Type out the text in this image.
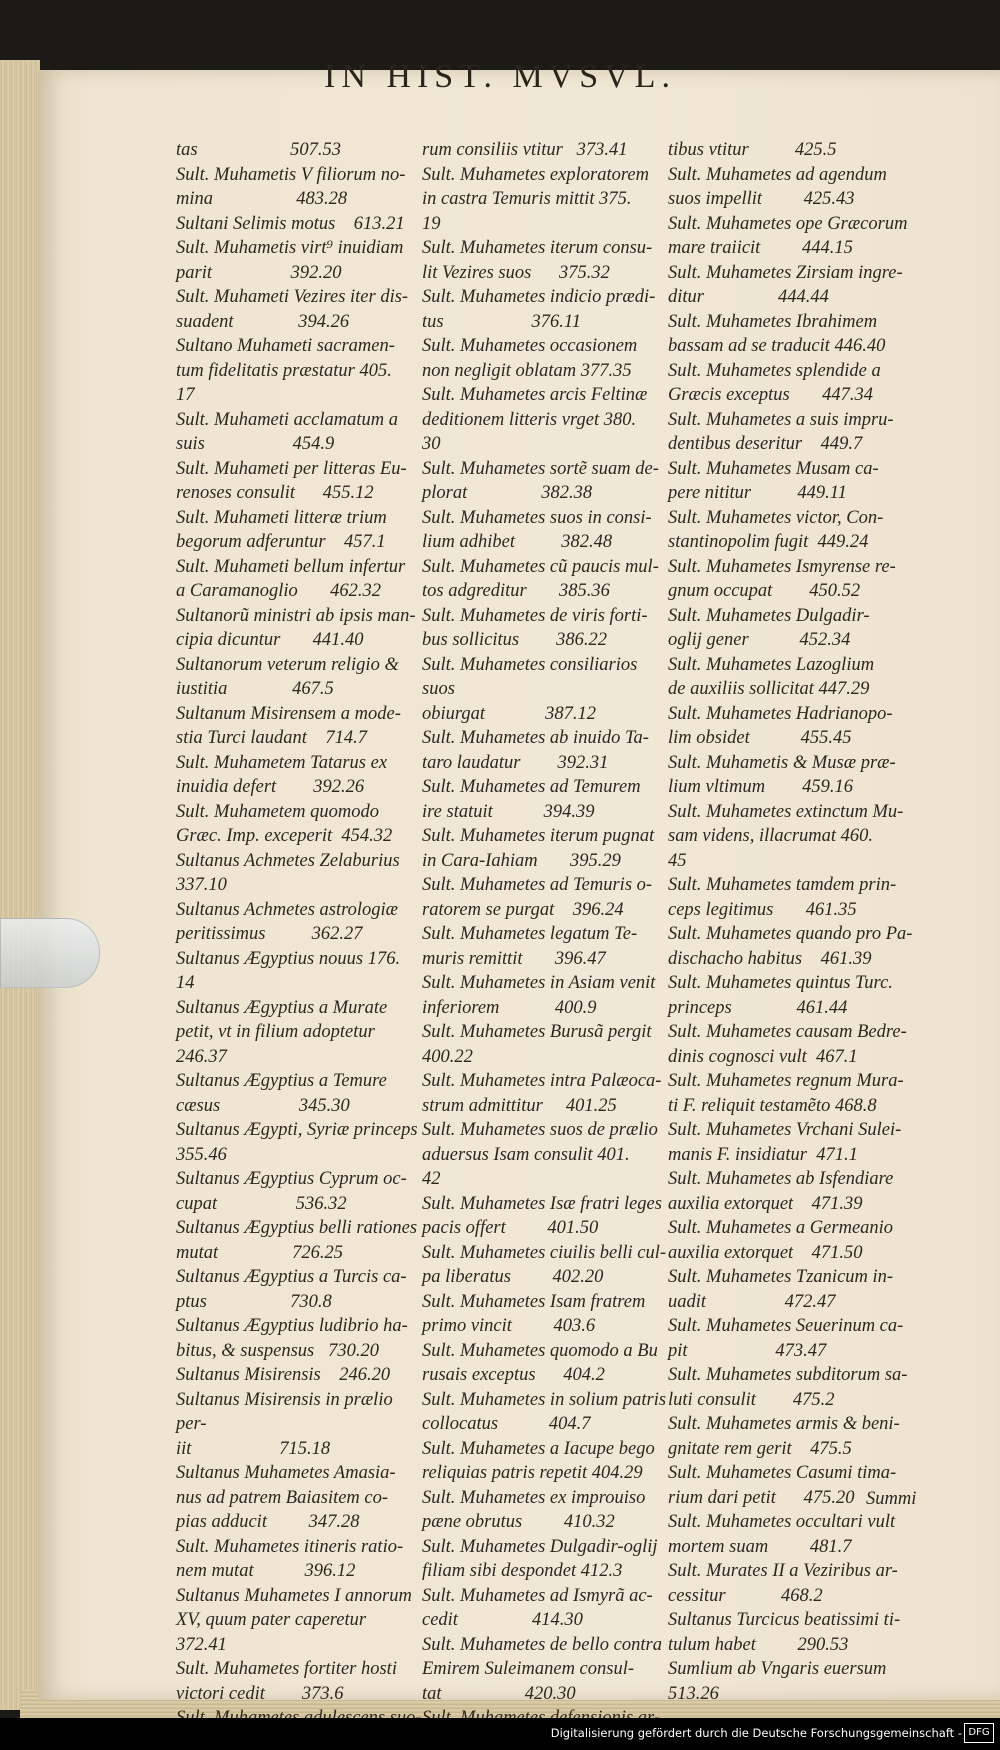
IN HIST. MVSVL.

tas                    507.53

Sult. Muhametis V filiorum no-
mina                  483.28

Sultani Selimis motus    613.21

Sult. Muhametis virt⁹ inuidiam
parit                 392.20

Sult. Muhameti Vezires iter dis-
suadent              394.26

Sultano Muhameti sacramen-
tum fidelitatis præstatur 405.
17

Sult. Muhameti acclamatum a
suis                   454.9

Sult. Muhameti per litteras Eu-
renoses consulit      455.12

Sult. Muhameti litteræ trium
begorum adferuntur    457.1

Sult. Muhameti bellum infertur
a Caramanoglio       462.32

Sultanorũ ministri ab ipsis man-
cipia dicuntur       441.40

Sultanorum veterum religio &
iustitia              467.5

Sultanum Misirensem a mode-
stia Turci laudant    714.7

Sult. Muhametem Tatarus ex
inuidia defert        392.26

Sult. Muhametem quomodo
Græc. Imp. exceperit  454.32

Sultanus Achmetes Zelaburius
337.10

Sultanus Achmetes astrologiæ
peritissimus          362.27

Sultanus Ægyptius nouus 176.
14

Sultanus Ægyptius a Murate
petit, vt in filium adoptetur
246.37

Sultanus Ægyptius a Temure
cæsus                 345.30

Sultanus Ægypti, Syriæ princeps
355.46

Sultanus Ægyptius Cyprum oc-
cupat                 536.32

Sultanus Ægyptius belli rationes
mutat                726.25

Sultanus Ægyptius a Turcis ca-
ptus                  730.8

Sultanus Ægyptius ludibrio ha-
bitus, & suspensus   730.20

Sultanus Misirensis    246.20

Sultanus Misirensis in prælio per-
iit                   715.18

Sultanus Muhametes Amasia-
nus ad patrem Baiasitem co-
pias adducit         347.28

Sult. Muhametes itineris ratio-
nem mutat           396.12

Sultanus Muhametes I annorum
XV, quum pater caperetur
372.41

Sult. Muhametes fortiter hosti
victori cedit        373.6

rum consiliis vtitur   373.41

Sult. Muhametes exploratorem
in castra Temuris mittit 375.
19

Sult. Muhametes iterum consu-
lit Vezires suos      375.32

Sult. Muhametes indicio prædi-
tus                   376.11

Sult. Muhametes occasionem
non negligit oblatam 377.35

Sult. Muhametes arcis Feltinæ
deditionem litteris vrget 380.
30

Sult. Muhametes sortẽ suam de-
plorat                382.38

Sult. Muhametes suos in consi-
lium adhibet          382.48

Sult. Muhametes cũ paucis mul-
tos adgreditur       385.36

Sult. Muhametes de viris forti-
bus sollicitus        386.22

Sult. Muhametes consiliarios suos
obiurgat             387.12

Sult. Muhametes ab inuido Ta-
taro laudatur        392.31

Sult. Muhametes ad Temurem
ire statuit           394.39

Sult. Muhametes iterum pugnat
in Cara-Iahiam       395.29

Sult. Muhametes ad Temuris o-
ratorem se purgat    396.24

Sult. Muhametes legatum Te-
muris remittit       396.47

Sult. Muhametes in Asiam venit
inferiorem            400.9

Sult. Muhametes Burusã pergit
400.22

Sult. Muhametes intra Palæoca-
strum admittitur     401.25

Sult. Muhametes suos de prælio
aduersus Isam consulit 401.
42

Sult. Muhametes Isæ fratri leges
pacis offert         401.50

Sult. Muhametes ciuilis belli cul-
pa liberatus         402.20

Sult. Muhametes Isam fratrem
primo vincit         403.6

Sult. Muhametes quomodo a Bu
rusais exceptus      404.2

Sult. Muhametes in solium patris
collocatus           404.7

Sult. Muhametes a Iacupe bego
reliquias patris repetit 404.29

Sult. Muhametes ex improuiso
pæne obrutus         410.32

Sult. Muhametes Dulgadir-oglij
filiam sibi despondet 412.3

Sult. Muhametes ad Ismyrã ac-
cedit                414.30

Sult. Muhametes de bello contra
Emirem Suleimanem consul-
tat                  420.30

tibus vtitur          425.5

Sult. Muhametes ad agendum
suos impellit         425.43

Sult. Muhametes ope Græcorum
mare traiicit         444.15

Sult. Muhametes Zirsiam ingre-
ditur                444.44

Sult. Muhametes Ibrahimem
bassam ad se traducit 446.40

Sult. Muhametes splendide a
Græcis exceptus       447.34

Sult. Muhametes a suis impru-
dentibus deseritur    449.7

Sult. Muhametes Musam ca-
pere nititur          449.11

Sult. Muhametes victor, Con-
stantinopolim fugit  449.24

Sult. Muhametes Ismyrense re-
gnum occupat        450.52

Sult. Muhametes Dulgadir-
oglij gener           452.34

Sult. Muhametes Lazoglium
de auxiliis sollicitat 447.29

Sult. Muhametes Hadrianopo-
lim obsidet           455.45

Sult. Muhametis & Musæ præ-
lium vltimum        459.16

Sult. Muhametes extinctum Mu-
sam videns, illacrumat 460.
45

Sult. Muhametes tamdem prin-
ceps legitimus       461.35

Sult. Muhametes quando pro Pa-
dischacho habitus    461.39

Sult. Muhametes quintus Turc.
princeps              461.44

Sult. Muhametes causam Bedre-
dinis cognosci vult  467.1

Sult. Muhametes regnum Mura-
ti F. reliquit testamẽto 468.8

Sult. Muhametes Vrchani Sulei-
manis F. insidiatur  471.1

Sult. Muhametes ab Isfendiare
auxilia extorquet    471.39

Sult. Muhametes a Germeanio
auxilia extorquet    471.50

Sult. Muhametes Tzanicum in-
uadit                 472.47

Sult. Muhametes Seuerinum ca-
pit                   473.47

Sult. Muhametes subditorum sa-
luti consulit        475.2

Sult. Muhametes armis & beni-
gnitate rem gerit    475.5

Sult. Muhametes Casumi tima-
rium dari petit      475.20

Sult. Muhametes occultari vult
mortem suam         481.7

Sult. Murates II a Veziribus ar-
cessitur            468.2

Sultanus Turcicus beatissimi ti-
tulum habet         290.53

Sumlium ab Vngaris euersum
513.26

Summi
Digitalisierung gefördert durch die Deutsche Forschungsgemeinschaft - DFG
